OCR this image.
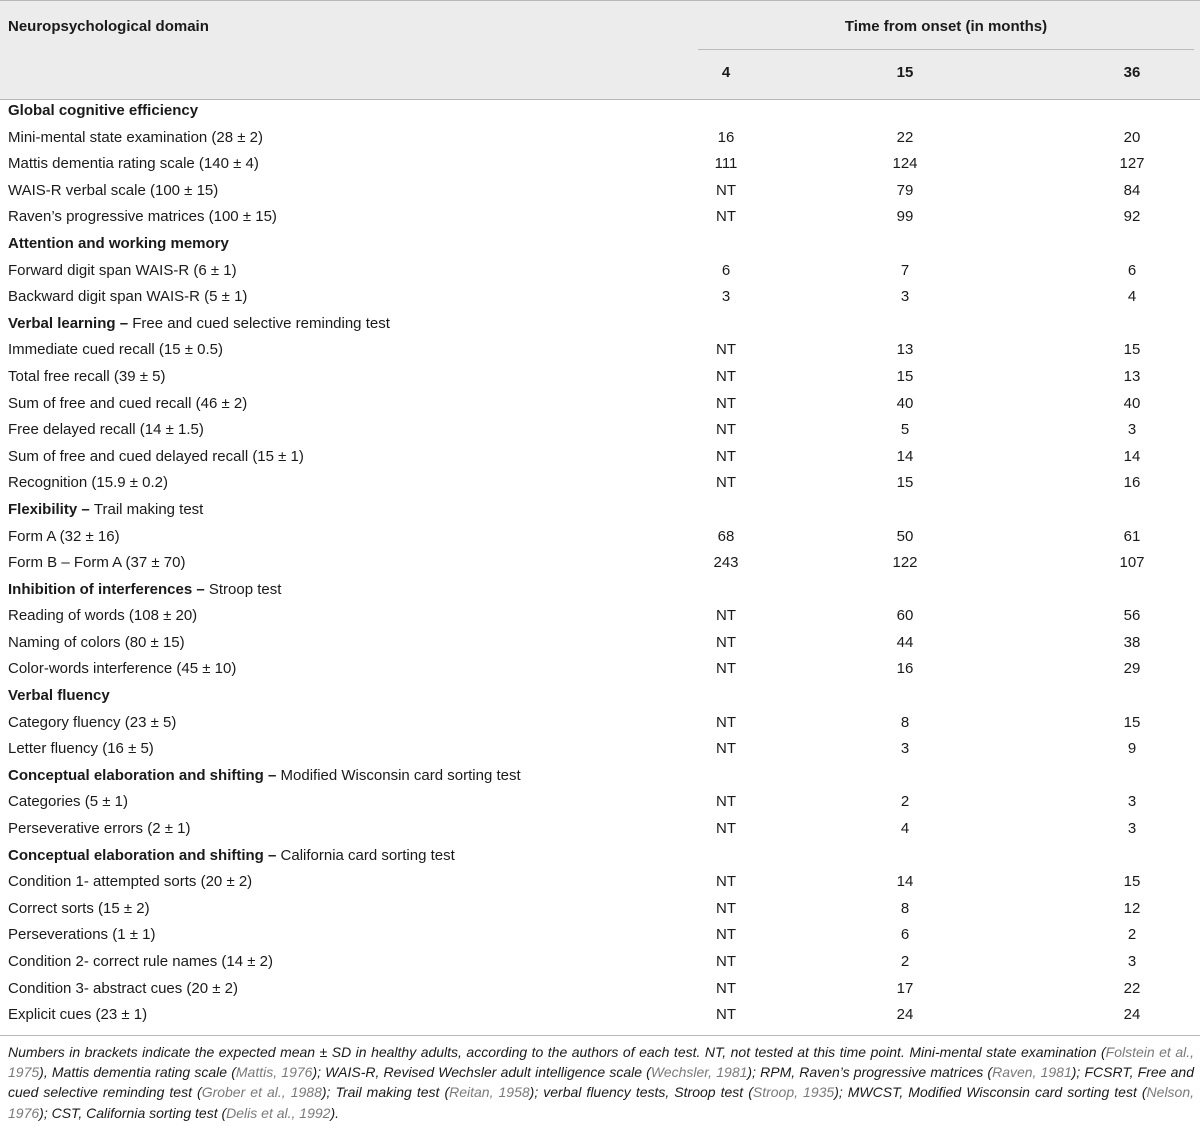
Neuropsychological domain	Time from onset (in months)
4	15	36
Global cognitive efficiency
Mini-mental state examination (28 ± 2)	16	22	20
Mattis dementia rating scale (140 ± 4)	111	124	127
WAIS-R verbal scale (100 ± 15)	NT	79	84
Raven’s progressive matrices (100 ± 15)	NT	99	92
Attention and working memory
Forward digit span WAIS-R (6 ± 1)	6	7	6
Backward digit span WAIS-R (5 ± 1)	3	3	4
Verbal learning – Free and cued selective reminding test
Immediate cued recall (15 ± 0.5)	NT	13	15
Total free recall (39 ± 5)	NT	15	13
Sum of free and cued recall (46 ± 2)	NT	40	40
Free delayed recall (14 ± 1.5)	NT	5	3
Sum of free and cued delayed recall (15 ± 1)	NT	14	14
Recognition (15.9 ± 0.2)	NT	15	16
Flexibility – Trail making test
Form A (32 ± 16)	68	50	61
Form B – Form A (37 ± 70)	243	122	107
Inhibition of interferences – Stroop test
Reading of words (108 ± 20)	NT	60	56
Naming of colors (80 ± 15)	NT	44	38
Color-words interference (45 ± 10)	NT	16	29
Verbal fluency
Category fluency (23 ± 5)	NT	8	15
Letter fluency (16 ± 5)	NT	3	9
Conceptual elaboration and shifting – Modified Wisconsin card sorting test
Categories (5 ± 1)	NT	2	3
Perseverative errors (2 ± 1)	NT	4	3
Conceptual elaboration and shifting – California card sorting test
Condition 1- attempted sorts (20 ± 2)	NT	14	15
Correct sorts (15 ± 2)	NT	8	12
Perseverations (1 ± 1)	NT	6	2
Condition 2- correct rule names (14 ± 2)	NT	2	3
Condition 3- abstract cues (20 ± 2)	NT	17	22
Explicit cues (23 ± 1)	NT	24	24
Numbers in brackets indicate the expected mean ± SD in healthy adults, according to the authors of each test. NT, not tested at this time point. Mini-mental state examination (Folstein et al., 1975), Mattis dementia rating scale (Mattis, 1976); WAIS-R, Revised Wechsler adult intelligence scale (Wechsler, 1981); RPM, Raven’s progressive matrices (Raven, 1981); FCSRT, Free and cued selective reminding test (Grober et al., 1988); Trail making test (Reitan, 1958); verbal fluency tests, Stroop test (Stroop, 1935); MWCST, Modified Wisconsin card sorting test (Nelson, 1976); CST, California sorting test (Delis et al., 1992).
